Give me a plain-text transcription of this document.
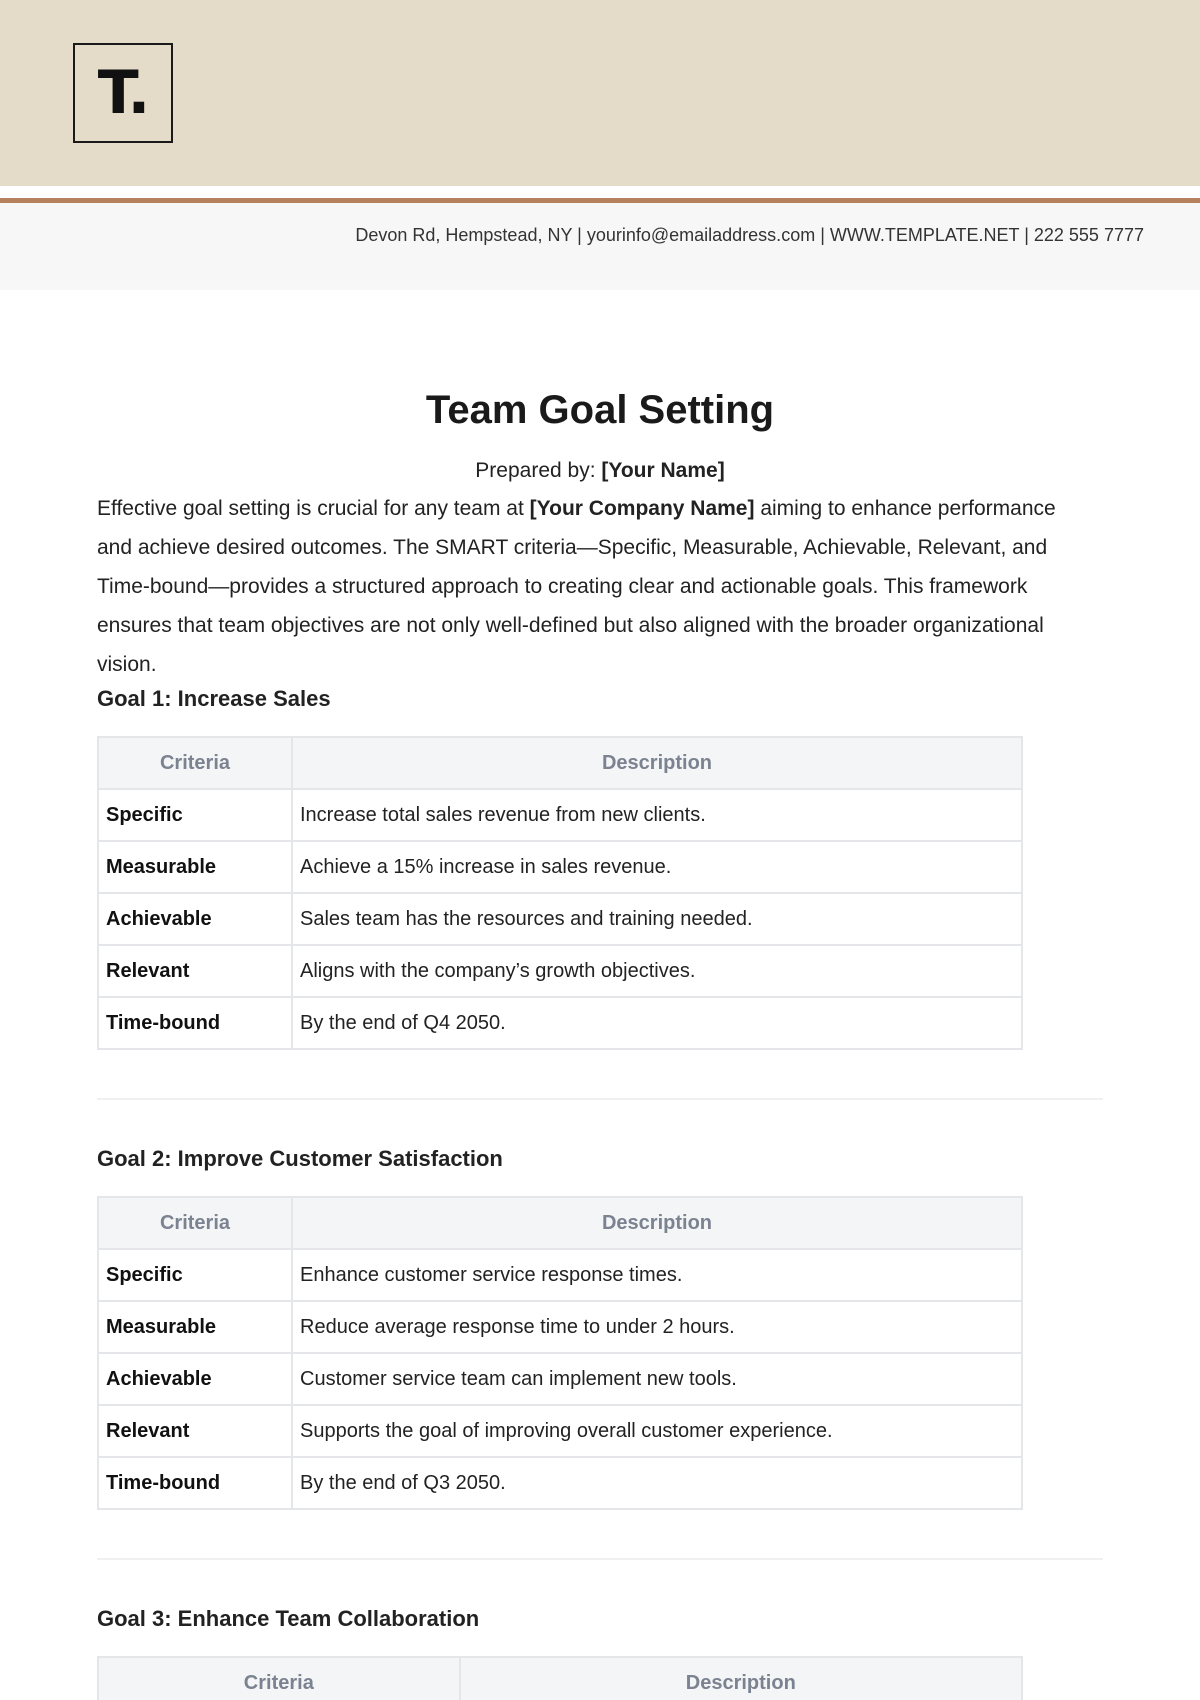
T.
Devon Rd, Hempstead, NY | yourinfo@emailaddress.com | WWW.TEMPLATE.NET | 222 555 7777
Team Goal Setting

Prepared by: [Your Name]

Effective goal setting is crucial for any team at [Your Company Name] aiming to enhance performance and achieve desired outcomes. The SMART criteria—Specific, Measurable, Achievable, Relevant, and Time-bound—provides a structured approach to creating clear and actionable goals. This framework ensures that team objectives are not only well-defined but also aligned with the broader organizational vision.

Goal 1: Increase Sales
Criteria	Description
Specific	Increase total sales revenue from new clients.
Measurable	Achieve a 15% increase in sales revenue.
Achievable	Sales team has the resources and training needed.
Relevant	Aligns with the company’s growth objectives.
Time-bound	By the end of Q4 2050.
Goal 2: Improve Customer Satisfaction
Criteria	Description
Specific	Enhance customer service response times.
Measurable	Reduce average response time to under 2 hours.
Achievable	Customer service team can implement new tools.
Relevant	Supports the goal of improving overall customer experience.
Time-bound	By the end of Q3 2050.
Goal 3: Enhance Team Collaboration
Criteria	Description
